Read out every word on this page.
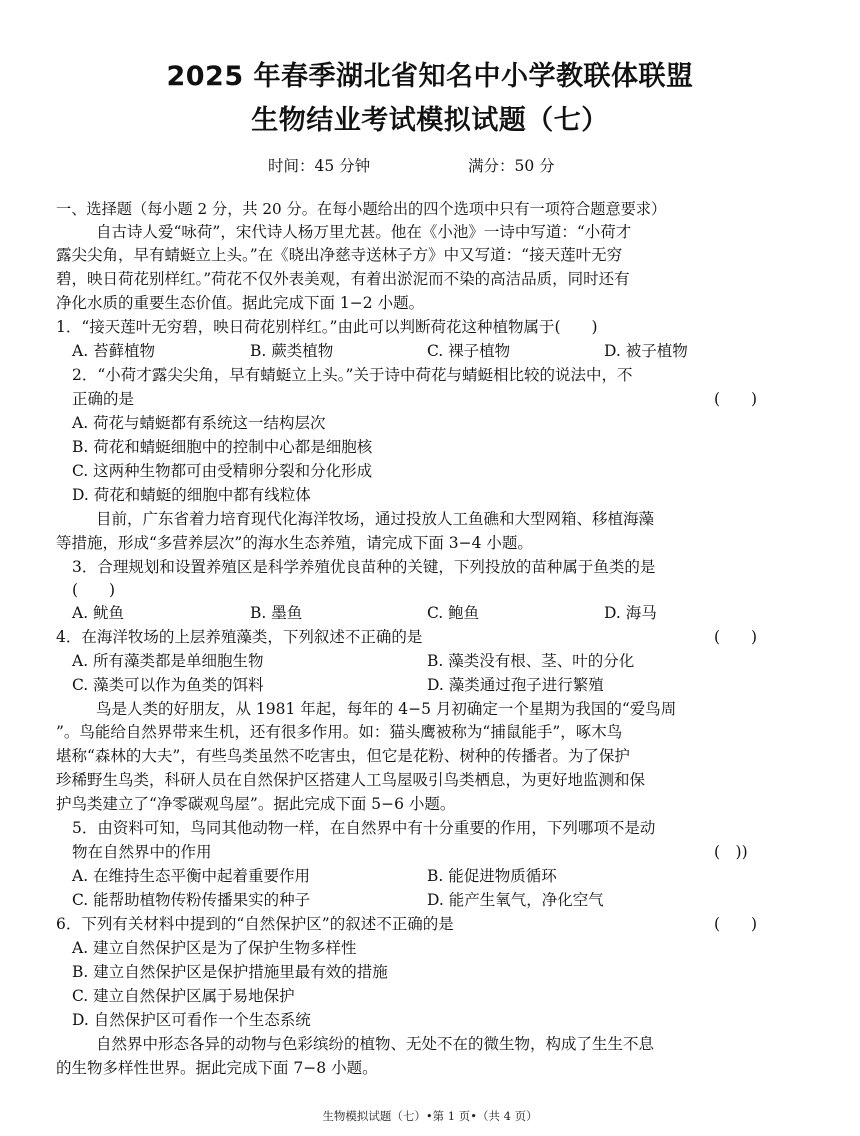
2025 年春季湖北省知名中小学教联体联盟
生物结业考试模拟试题（七）
时间：45 分钟	满分：50 分
一、选择题（每小题 2 分，共 20 分。在每小题给出的四个选项中只有一项符合题意要求）
自古诗人爱“咏荷”，宋代诗人杨万里尤甚。他在《小池》一诗中写道：“小荷才
露尖尖角，早有蜻蜓立上头。”在《晓出净慈寺送林子方》中又写道：“接天莲叶无穷
碧，映日荷花别样红。”荷花不仅外表美观，有着出淤泥而不染的高洁品质，同时还有
净化水质的重要生态价值。据此完成下面 1−2 小题。
1．“接天莲叶无穷碧，映日荷花别样红。”由此可以判断荷花这种植物属于(　　)
A. 苔藓植物	B. 蕨类植物	C. 裸子植物	D. 被子植物
2．“小荷才露尖尖角，早有蜻蜓立上头。”关于诗中荷花与蜻蜓相比较的说法中，不
正确的是	(　　)
A. 荷花与蜻蜓都有系统这一结构层次
B. 荷花和蜻蜓细胞中的控制中心都是细胞核
C. 这两种生物都可由受精卵分裂和分化形成
D. 荷花和蜻蜓的细胞中都有线粒体
目前，广东省着力培育现代化海洋牧场，通过投放人工鱼礁和大型网箱、移植海藻
等措施，形成“多营养层次”的海水生态养殖，请完成下面 3−4 小题。
3．合理规划和设置养殖区是科学养殖优良苗种的关键，下列投放的苗种属于鱼类的是
(　　)
A. 鱿鱼	B. 墨鱼	C. 鲍鱼	D. 海马
4．在海洋牧场的上层养殖藻类，下列叙述不正确的是	(　　)
A. 所有藻类都是单细胞生物	B. 藻类没有根、茎、叶的分化
C. 藻类可以作为鱼类的饵料	D. 藻类通过孢子进行繁殖
鸟是人类的好朋友，从 1981 年起，每年的 4−5 月初确定一个星期为我国的“爱鸟周
”。鸟能给自然界带来生机，还有很多作用。如：猫头鹰被称为“捕鼠能手”，啄木鸟
堪称“森林的大夫”，有些鸟类虽然不吃害虫，但它是花粉、树种的传播者。为了保护
珍稀野生鸟类，科研人员在自然保护区搭建人工鸟屋吸引鸟类栖息，为更好地监测和保
护鸟类建立了“净零碳观鸟屋”。据此完成下面 5−6 小题。
5．由资料可知，鸟同其他动物一样，在自然界中有十分重要的作用，下列哪项不是动
物在自然界中的作用	(　))
A. 在维持生态平衡中起着重要作用	B. 能促进物质循环
C. 能帮助植物传粉传播果实的种子	D. 能产生氧气，净化空气
6．下列有关材料中提到的“自然保护区”的叙述不正确的是	(　　)
A. 建立自然保护区是为了保护生物多样性
B. 建立自然保护区是保护措施里最有效的措施
C. 建立自然保护区属于易地保护
D. 自然保护区可看作一个生态系统
自然界中形态各异的动物与色彩缤纷的植物、无处不在的微生物，构成了生生不息
的生物多样性世界。据此完成下面 7−8 小题。
生物模拟试题（七）•第 1 页•（共 4 页）
